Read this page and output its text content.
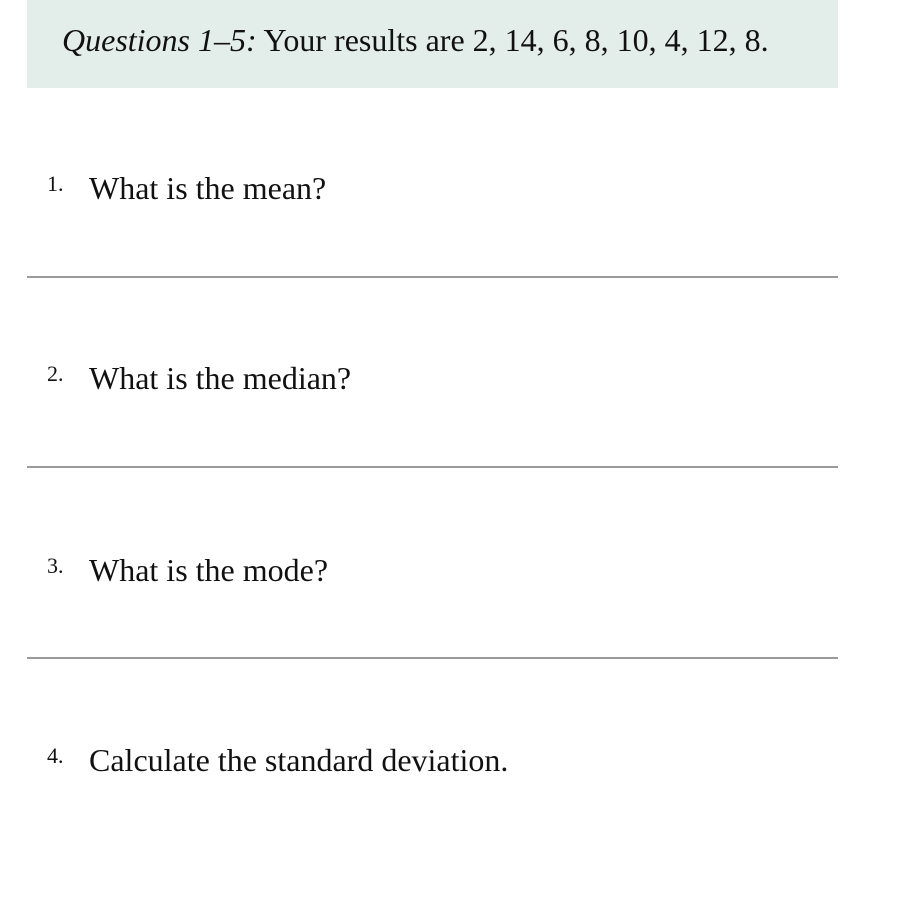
Questions 1–5: Your results are 2, 14, 6, 8, 10, 4, 12, 8.
1. What is the mean?
2. What is the median?
3. What is the mode?
4. Calculate the standard deviation.
